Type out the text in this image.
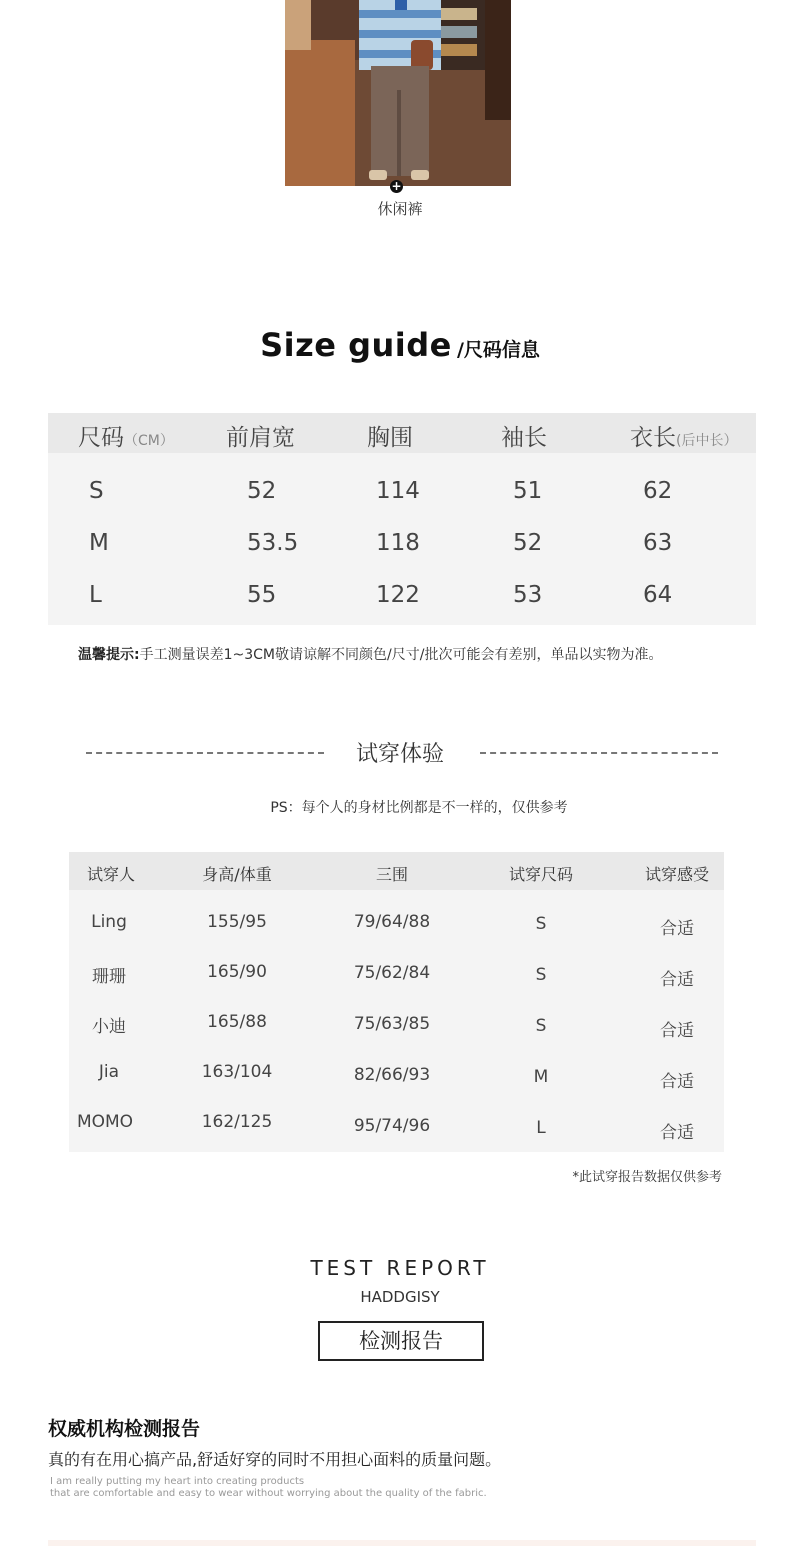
+
休闲裤
Size guide /尺码信息
尺码（CM） 前肩宽	胸围	袖长	衣长(后中长）
S	52	114	51	62
M	53.5	118	52	63
L	55	122	53	64
温馨提示:手工测量误差1~3CM敬请谅解不同颜色/尺寸/批次可能会有差别，单品以实物为准。
试穿体验
PS：每个人的身材比例都是不一样的，仅供参考
试穿人	身高/体重	三围	试穿尺码	试穿感受
Ling	155/95	79/64/88	S	合适
珊珊	165/90	75/62/84	S	合适
小迪	165/88	75/63/85	S	合适
Jia	163/104	82/66/93	M	合适
MOMO	162/125	95/74/96	L	合适
*此试穿报告数据仅供参考
TEST REPORT
HADDGISY
检测报告
权威机构检测报告
真的有在用心搞产品,舒适好穿的同时不用担心面料的质量问题。
I am really putting my heart into creating products
that are comfortable and easy to wear without worrying about the quality of the fabric.
